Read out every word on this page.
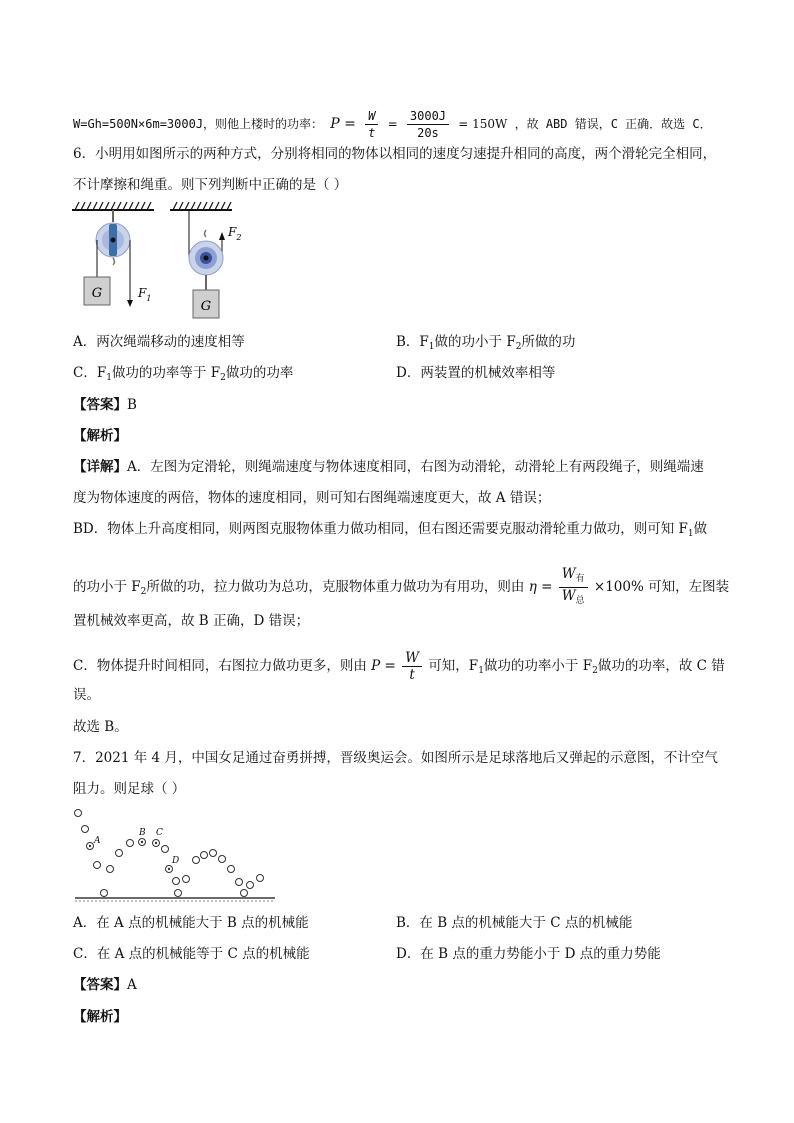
W=Gh=500N×6m=3000J，则他上楼时的功率： $P = \frac{W}{t} = \frac{3000J}{20s} = 150W$ ，故 ABD 错误，C 正确．故选 C．
6．小明用如图所示的两种方式，分别将相同的物体以相同的速度匀速提升相同的高度，两个滑轮完全相同，
不计摩擦和绳重。则下列判断中正确的是（ ）
G	$F_1$
$F_2$
G
A．两次绳端移动的速度相等	B．$F_1$做的功小于 $F_2$所做的功
C．$F_1$做功的功率等于 $F_2$做功的功率	D．两装置的机械效率相等
【答案】B
【解析】
【详解】A．左图为定滑轮，则绳端速度与物体速度相同，右图为动滑轮，动滑轮上有两段绳子，则绳端速
度为物体速度的两倍，物体的速度相同，则可知右图绳端速度更大，故 A 错误；
BD．物体上升高度相同，则两图克服物体重力做功相同，但右图还需要克服动滑轮重力做功，则可知 $F_1$做
的功小于 $F_2$所做的功，拉力做功为总功，克服物体重力做功为有用功，则由 $\eta = \frac{W_有}{W_总} \times 100\%$ 可知，左图装
置机械效率更高，故 B 正确，D 错误；
C．物体提升时间相同，右图拉力做功更多，则由 $P = \frac{W}{t}$ 可知，$F_1$做功的功率小于 $F_2$做功的功率，故 C 错
误。
故选 B。
7．2021 年 4 月，中国女足通过奋勇拼搏，晋级奥运会。如图所示是足球落地后又弹起的示意图，不计空气
阻力。则足球（ ）
A
B C
D
A．在 A 点的机械能大于 B 点的机械能	B．在 B 点的机械能大于 C 点的机械能
C．在 A 点的机械能等于 C 点的机械能	D．在 B 点的重力势能小于 D 点的重力势能
【答案】A
【解析】
